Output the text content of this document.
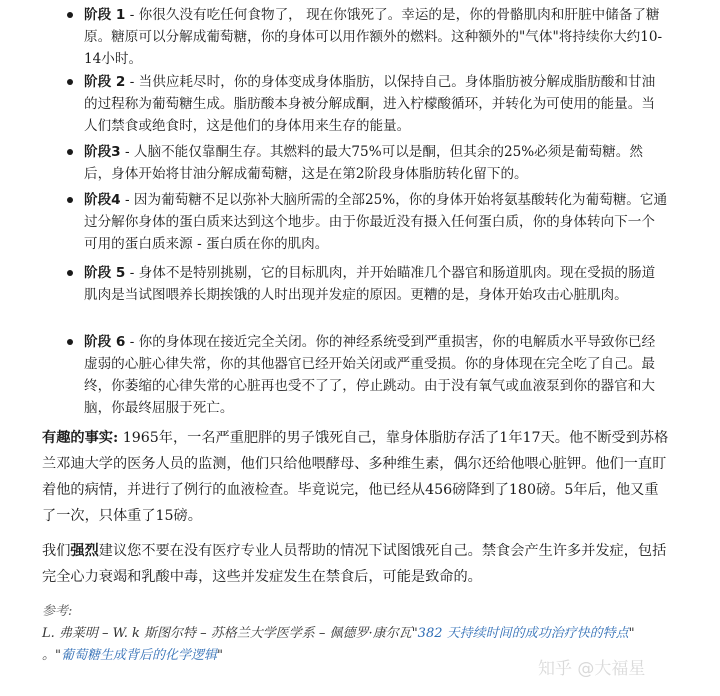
阶段 1 - 你很久没有吃任何食物了， 现在你饿死了。幸运的是，你的骨骼肌肉和肝脏中储备了糖原。糖原可以分解成葡萄糖，你的身体可以用作额外的燃料。这种额外的"气体"将持续你大约10-14小时。
阶段 2 - 当供应耗尽时，你的身体变成身体脂肪，以保持自己。身体脂肪被分解成脂肪酸和甘油的过程称为葡萄糖生成。脂肪酸本身被分解成酮，进入柠檬酸循环，并转化为可使用的能量。当人们禁食或绝食时，这是他们的身体用来生存的能量。
阶段3 - 人脑不能仅靠酮生存。其燃料的最大75%可以是酮，但其余的25%必须是葡萄糖。然后，身体开始将甘油分解成葡萄糖，这是在第2阶段身体脂肪转化留下的。
阶段4 - 因为葡萄糖不足以弥补大脑所需的全部25%，你的身体开始将氨基酸转化为葡萄糖。它通过分解你身体的蛋白质来达到这个地步。由于你最近没有摄入任何蛋白质，你的身体转向下一个可用的蛋白质来源 - 蛋白质在你的肌肉。
阶段 5 - 身体不是特别挑剔，它的目标肌肉，并开始瞄准几个器官和肠道肌肉。现在受损的肠道肌肉是当试图喂养长期挨饿的人时出现并发症的原因。更糟的是，身体开始攻击心脏肌肉。
阶段 6 - 你的身体现在接近完全关闭。你的神经系统受到严重损害，你的电解质水平导致你已经虚弱的心脏心律失常，你的其他器官已经开始关闭或严重受损。你的身体现在完全吃了自己。最终，你萎缩的心律失常的心脏再也受不了了，停止跳动。由于没有氧气或血液泵到你的器官和大脑，你最终屈服于死亡。

有趣的事实: 1965年，一名严重肥胖的男子饿死自己，靠身体脂肪存活了1年17天。他不断受到苏格兰邓迪大学的医务人员的监测，他们只给他喂酵母、多种维生素，偶尔还给他喂心脏钾。他们一直盯着他的病情，并进行了例行的血液检查。毕竟说完，他已经从456磅降到了180磅。5年后，他又重了一次，只体重了15磅。

我们强烈建议您不要在没有医疗专业人员帮助的情况下试图饿死自己。禁食会产生许多并发症，包括完全心力衰竭和乳酸中毒，这些并发症发生在禁食后，可能是致命的。

参考:
L. 弗莱明 – W. k 斯图尔特 – 苏格兰大学医学系 – 佩德罗·康尔瓦"382 天持续时间的成功治疗快的特点"
。"葡萄糖生成背后的化学逻辑"
知乎 @大福星
